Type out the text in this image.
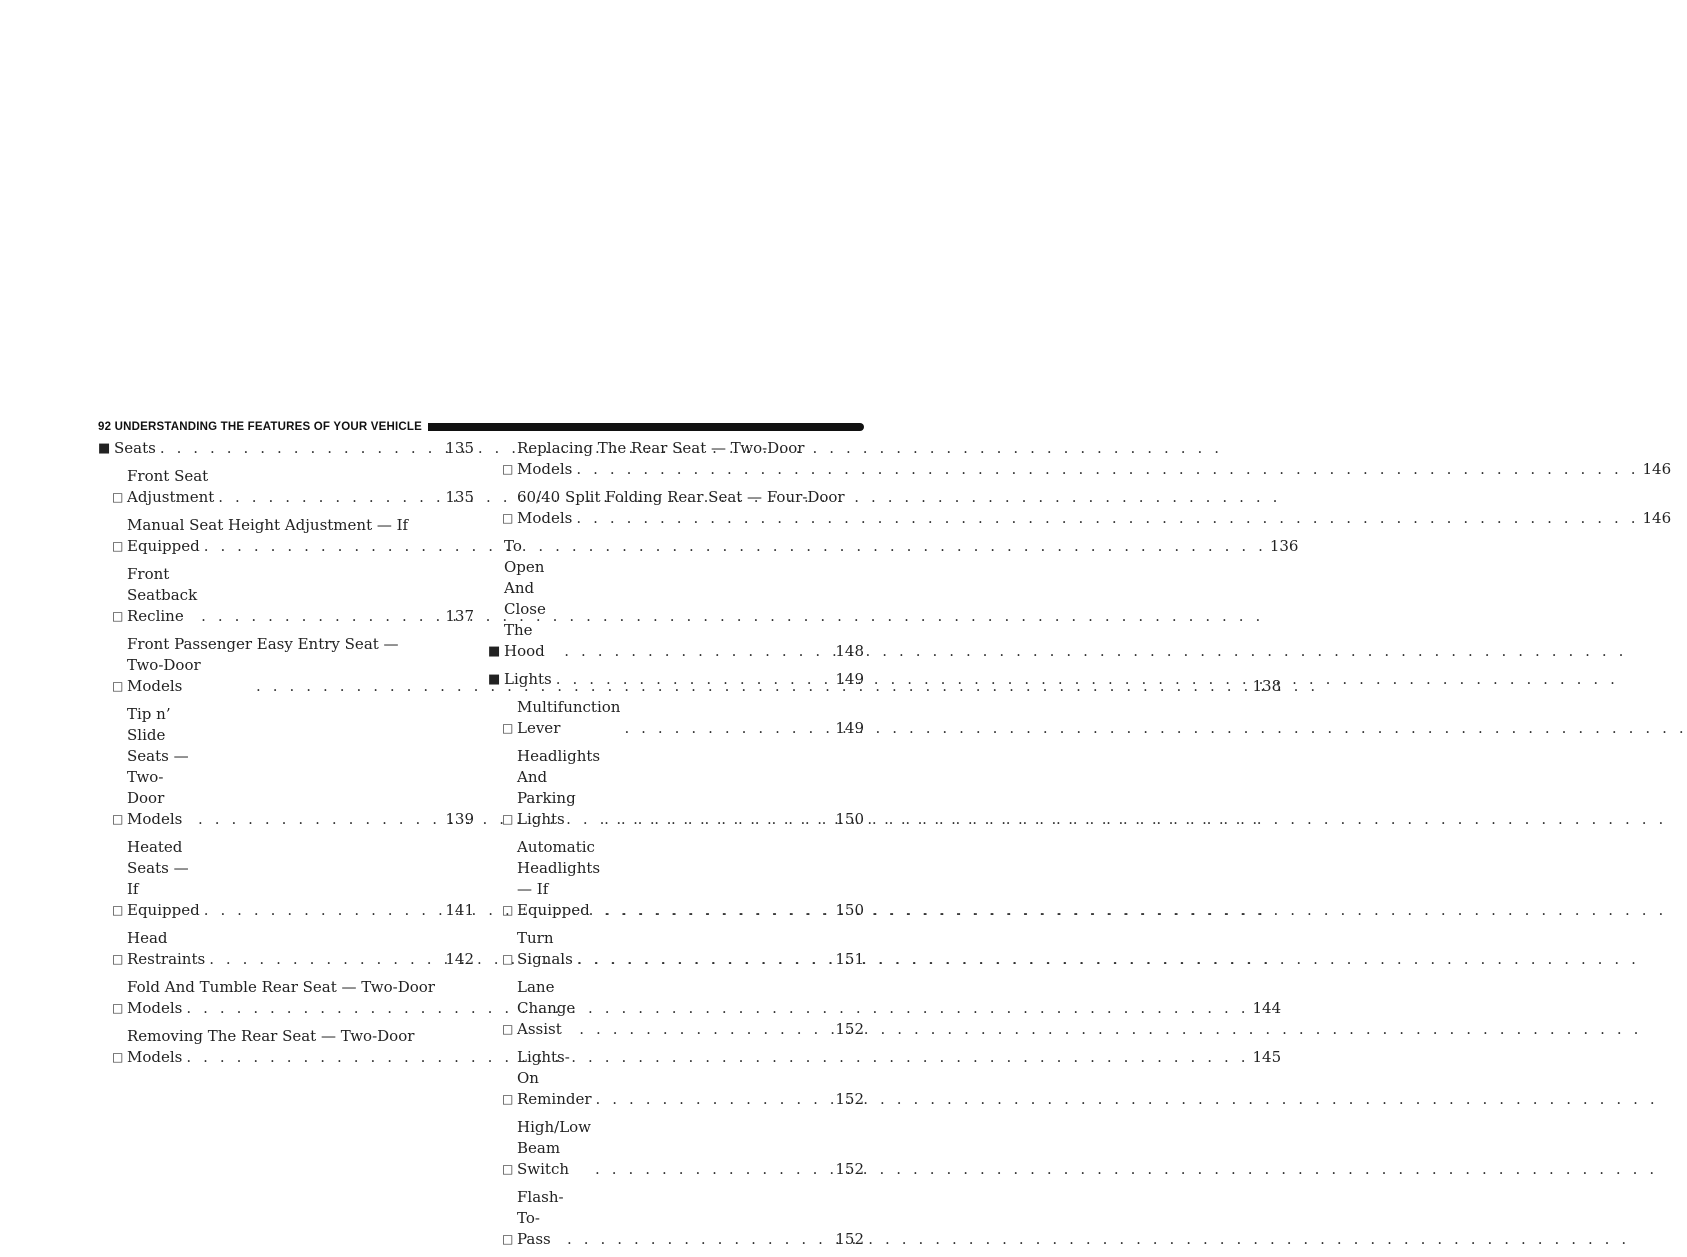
92 UNDERSTANDING THE FEATURES OF YOUR VEHICLE
■ Seats . . .	135
□
Front Seat Adjustment . . .	135
□
Manual Seat Height Adjustment — If
Equipped . . .	136
□
Front Seatback Recline . . .	137
□
Front Passenger Easy Entry Seat —
Two-Door Models . . .	138
□
Tip n’ Slide Seats — Two-Door Models . . .	139
□
Heated Seats — If Equipped . . .	141
□
Head Restraints . . .	142
□
Fold And Tumble Rear Seat — Two-Door
Models . . .	144
□
Removing The Rear Seat — Two-Door
Models . . .	145
□
Replacing The Rear Seat — Two-Door
Models . . .	146
□
60/40 Split Folding Rear Seat — Four-Door
Models . . .	146
■
To Open And Close The Hood . . .	148
■ Lights . . .	149
□
Multifunction Lever . . .	149
□
Headlights And Parking Lights . . .	150
□
Automatic Headlights — If Equipped . . .	150
□
Turn Signals . . .	151
□
Lane Change Assist . . .	152
□
Lights-On Reminder . . .	152
□
High/Low Beam Switch . . .	152
□
Flash-To-Pass . . .	152
